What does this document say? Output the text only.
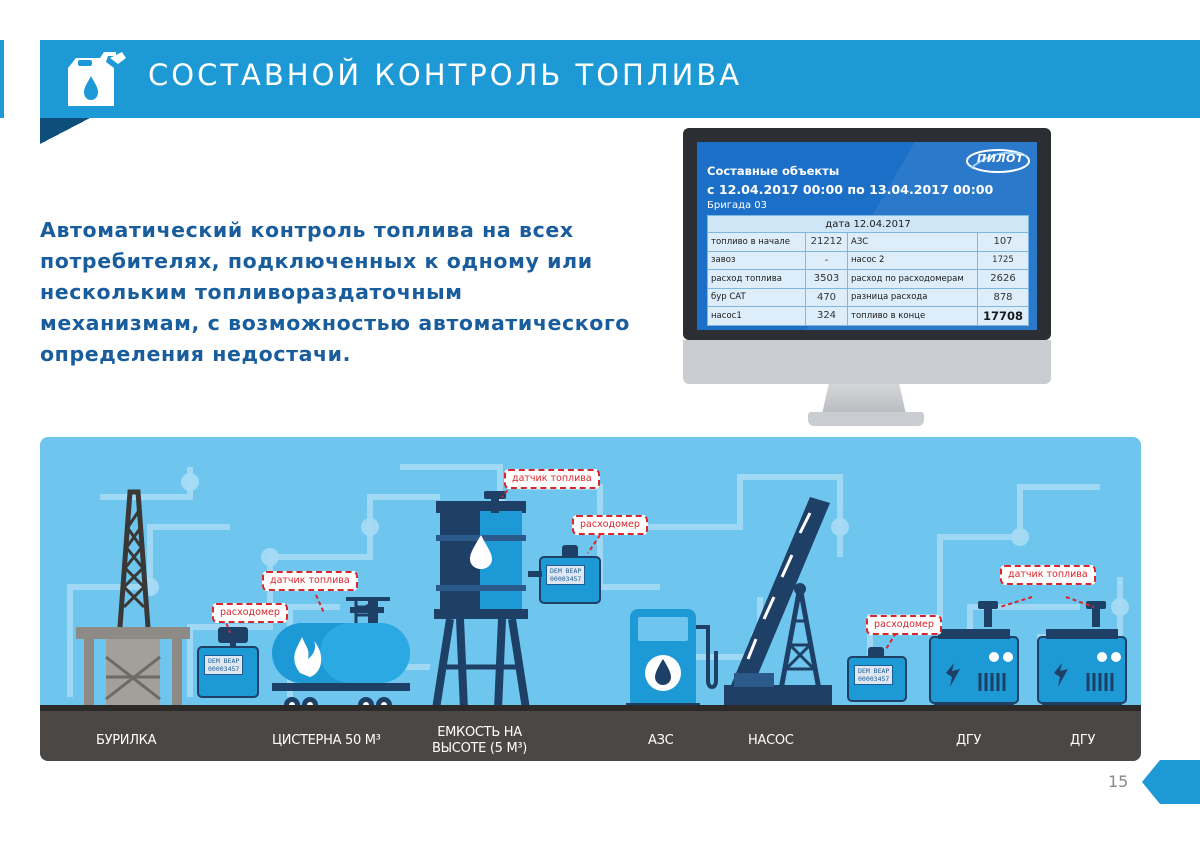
СОСТАВНОЙ КОНТРОЛЬ ТОПЛИВА
Автоматический контроль топлива на всех потребителях, подключенных к одному или нескольким топливораздаточным механизмам, с возможностью автоматического определения недостачи.
ПИЛОТ
Составные объекты
с 12.04.2017 00:00 по 13.04.2017 00:00
Бригада 03
дата 12.04.2017			
топливо в начале	21212	АЗС	107
завоз	-	насос 2	1725
расход топлива	3503	расход по расходомерам	2626
бур CAT	470	разница расхода	878
насос1	324	топливо в конце	17708
DEM BEAP
00003457
DEM BEAP
00003457
DEM BEAP
00003457
расходомер
датчик топлива
датчик топлива
расходомер
расходомер
датчик топлива
БУРИЛКА	ЦИСТЕРНА 50 М³
ЕМКОСТЬ НА
ВЫСОТЕ (5 М³)
АЗС	НАСОС	ДГУ	ДГУ
15
